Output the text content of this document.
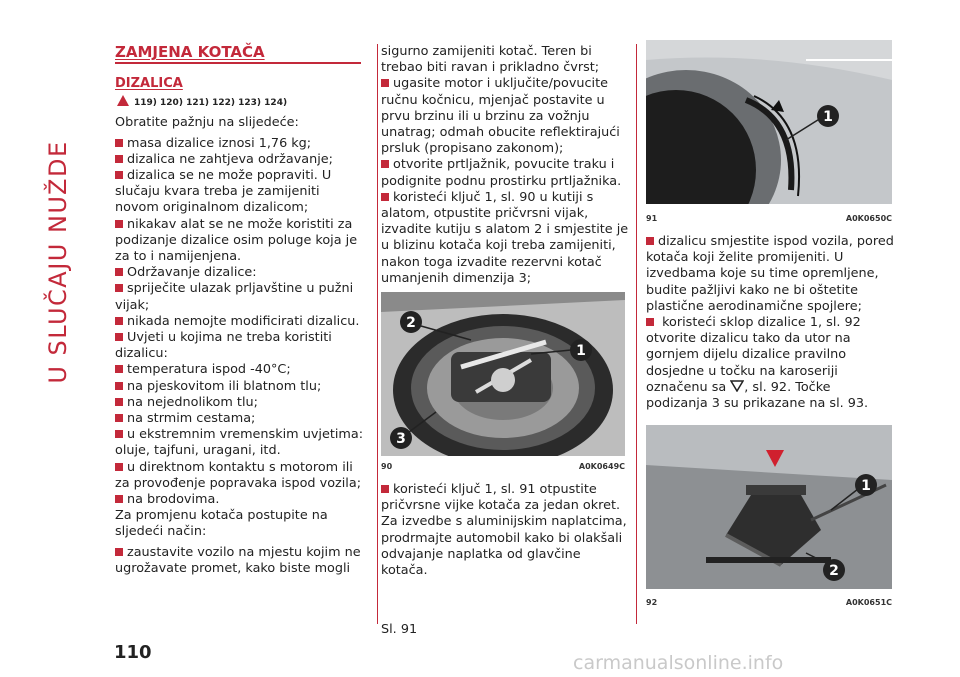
U SLUČAJU NUŽDE

ZAMJENA KOTAČA

DIZALICA

119) 120) 121) 122) 123) 124)

Obratite pažnju na slijedeće:

masa dizalice iznosi 1,76 kg;

dizalica ne zahtjeva održavanje;

dizalica se ne može popraviti. U slučaju kvara treba je zamijeniti novom originalnom dizalicom;

nikakav alat se ne može koristiti za podizanje dizalice osim poluge koja je za to i namijenjena.

Održavanje dizalice:

spriječite ulazak prljavštine u pužni vijak;

nikada nemojte modificirati dizalicu.

Uvjeti u kojima ne treba koristiti dizalicu:

temperatura ispod -40°C;

na pjeskovitom ili blatnom tlu;

na nejednolikom tlu;

na strmim cestama;

u ekstremnim vremenskim uvjetima: oluje, tajfuni, uragani, itd.

u direktnom kontaktu s motorom ili za provođenje popravaka ispod vozila;

na brodovima.

Za promjenu kotača postupite na sljedeći način:

zaustavite vozilo na mjestu kojim ne ugrožavate promet, kako biste mogli

sigurno zamijeniti kotač. Teren bi trebao biti ravan i prikladno čvrst;

ugasite motor i uključite/povucite ručnu kočnicu, mjenjač postavite u prvu brzinu ili u brzinu za vožnju unatrag; odmah obucite reflektirajući prsluk (propisano zakonom);

otvorite prtljažnik, povucite traku i podignite podnu prostirku prtljažnika.

koristeći ključ 1, sl. 90 u kutiji s alatom, otpustite pričvrsni vijak, izvadite kutiju s alatom 2 i smjestite je u blizinu kotača koji treba zamijeniti, nakon toga izvadite rezervni kotač umanjenih dimenzija 3;

2
1
3
90	A0K0649C

koristeći ključ 1, sl. 91 otpustite pričvrsne vijke kotača za jedan okret. Za izvedbe s aluminijskim naplatcima, prodrmajte automobil kako bi olakšali odvajanje naplatka od glavčine kotača.

Sl. 91

1
91	A0K0650C

dizalicu smjestite ispod vozila, pored kotača koji želite promijeniti. U izvedbama koje su time opremljene, budite pažljivi kako ne bi oštetite plastične aerodinamične spojlere;

koristeći sklop dizalice 1, sl. 92 otvorite dizalicu tako da utor na gornjem dijelu dizalice pravilno dosjedne u točku na karoseriji označenu sa , sl. 92. Točke podizanja 3 su prikazane na sl. 93.

1
2
92	A0K0651C
110	carmanualsonline.info
